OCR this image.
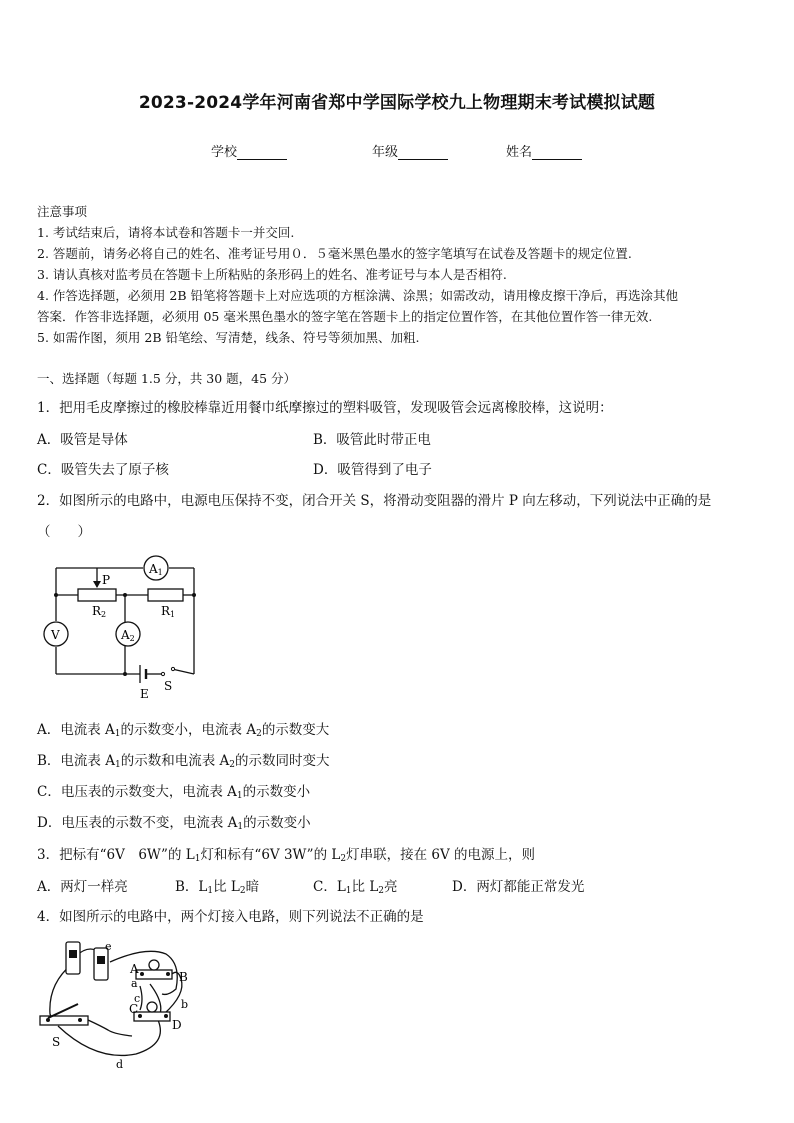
2023-2024学年河南省郑中学国际学校九上物理期末考试模拟试题
学校	年级	姓名
注意事项
1. 考试结束后，请将本试卷和答题卡一并交回.
2. 答题前，请务必将自己的姓名、准考证号用０．５毫米黑色墨水的签字笔填写在试卷及答题卡的规定位置.
3. 请认真核对监考员在答题卡上所粘贴的条形码上的姓名、准考证号与本人是否相符.
4. 作答选择题，必须用 2B 铅笔将答题卡上对应选项的方框涂满、涂黑；如需改动，请用橡皮擦干净后，再选涂其他
答案．作答非选择题，必须用 05 毫米黑色墨水的签字笔在答题卡上的指定位置作答，在其他位置作答一律无效.
5. 如需作图，须用 2B 铅笔绘、写清楚，线条、符号等须加黑、加粗.
一、选择题（每题 1.5 分，共 30 题，45 分）
1．把用毛皮摩擦过的橡胶棒靠近用餐巾纸摩擦过的塑料吸管，发现吸管会远离橡胶棒，这说明：
A．吸管是导体	B．吸管此时带正电
C．吸管失去了原子核	D．吸管得到了电子
2．如图所示的电路中，电源电压保持不变，闭合开关 S，将滑动变阻器的滑片 P 向左移动，下列说法中正确的是
（　　）
A1
A2
V
P
R2	R1
E
S
A．电流表 $A_1$的示数变小，电流表 $A_2$的示数变大
B．电流表 $A_1$的示数和电流表 $A_2$的示数同时变大
C．电压表的示数变大，电流表 $A_1$的示数变小
D．电压表的示数不变，电流表 $A_1$的示数变小
3．把标有“6V　6W”的 $L_1$灯和标有“6V 3W”的 $L_2$灯串联，接在 6V 的电源上，则
A．两灯一样亮	B．$L_1$比 $L_2$暗	C．$L_1$比 $L_2$亮	D．两灯都能正常发光
4．如图所示的电路中，两个灯接入电路，则下列说法不正确的是
e
A
B
a
b
c
C
D
S
d
